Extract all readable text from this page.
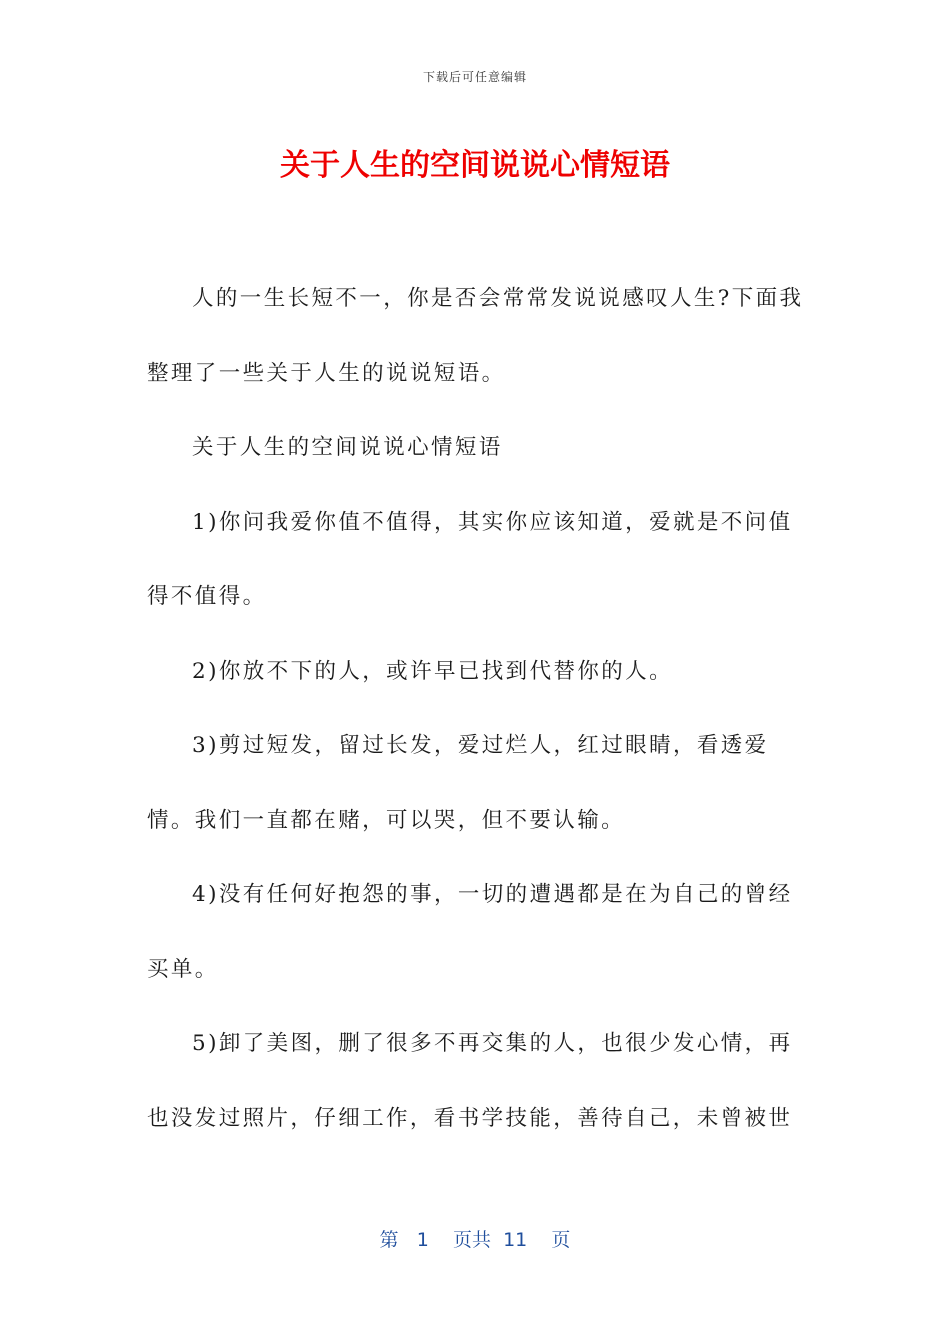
下载后可任意编辑
关于人生的空间说说心情短语

人的一生长短不一，你是否会常常发说说感叹人生?下面我整理了一些关于人生的说说短语。

关于人生的空间说说心情短语

1)你问我爱你值不值得，其实你应该知道，爱就是不问值得不值得。

2)你放不下的人，或许早已找到代替你的人。

3)剪过短发，留过长发，爱过烂人，红过眼睛，看透爱情。我们一直都在赌，可以哭，但不要认输。

4)没有任何好抱怨的事，一切的遭遇都是在为自己的曾经买单。

5)卸了美图，删了很多不再交集的人，也很少发心情，再也没发过照片，仔细工作，看书学技能，善待自己，未曾被世

第 1 页共 11 页
